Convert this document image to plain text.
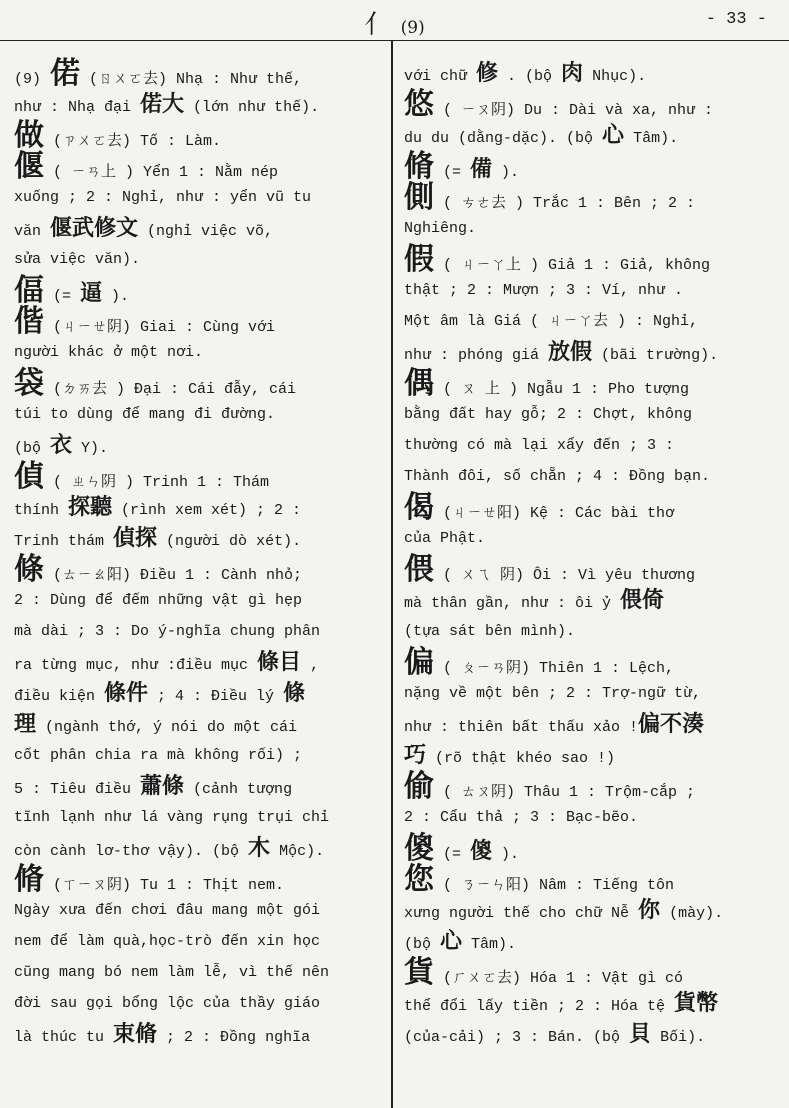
亻 (9)	- 33 -
(9) 偌 (ㄖㄨㄛ去) Nhạ : Như thế,
như : Nhạ đại 偌大 (lớn như thế).
做 (ㄗㄨㄛ去) Tố : Làm.
偃 ( ㄧㄢ上 ) Yển 1 : Nằm nép
xuống ; 2 : Nghỉ, như : yển vũ tu
văn 偃武修文 (nghỉ việc võ,
sửa việc văn).
偪 (= 逼 ).
偕 (ㄐㄧㄝ阴) Giai : Cùng với
người khác ở một nơi.
袋 (ㄉㄞ去 ) Đại : Cái đẫy, cái
túi to dùng để mang đi đường.
(bộ 衣 Y).
偵 ( ㄓㄣ阴 ) Trinh 1 : Thám
thính 探聽 (rình xem xét) ; 2 :
Trinh thám 偵探 (người dò xét).
條 (ㄊㄧㄠ阳) Điều 1 : Cành nhỏ;
2 : Dùng để đếm những vật gì hẹp
mà dài ; 3 : Do ý-nghĩa chung phân
ra từng mục, như :điều mục 條目 ,
điều kiện 條件 ; 4 : Điều lý 條
理 (ngành thớ, ý nói do một cái
cốt phân chia ra mà không rối) ;
5 : Tiêu điều 蕭條 (cảnh tượng
tĩnh lạnh như lá vàng rụng trụi chỉ
còn cành lơ-thơ vậy). (bộ 木 Mộc).
脩 (ㄒㄧㄡ阴) Tu 1 : Thịt nem.
Ngày xưa đến chơi đâu mang một gói
nem để làm quà,học-trò đến xin học
cũng mang bó nem làm lễ, vì thế nên
đời sau gọi bổng lộc của thầy giáo
là thúc tu 束脩 ; 2 : Đồng nghĩa
với chữ 修 . (bộ 肉 Nhục).
悠 ( ㄧㄡ阴) Du : Dài và xa, như :
du du (dằng-dặc). (bộ 心 Tâm).
脩 (= 備 ).
側 ( ㄘㄜ去 ) Trắc 1 : Bên ; 2 :
Nghiêng.
假 ( ㄐㄧㄚ上 ) Giả 1 : Giả, không
thật ; 2 : Mượn ; 3 : Ví, như .
Một âm là Giá ( ㄐㄧㄚ去 ) : Nghỉ,
như : phóng giá 放假 (bãi trường).
偶 ( ㄡ 上 ) Ngẫu 1 : Pho tượng
bằng đất hay gỗ; 2 : Chợt, không
thường có mà lại xẩy đến ; 3 :
Thành đôi, số chẵn ; 4 : Đồng bạn.
偈 (ㄐㄧㄝ阳) Kệ : Các bài thơ
của Phật.
偎 ( ㄨㄟ 阴) Ôi : Vì yêu thương
mà thân gần, như : ôi ỷ 偎倚
(tựa sát bên mình).
偏 ( ㄆㄧㄢ阴) Thiên 1 : Lệch,
nặng về một bên ; 2 : Trợ-ngữ từ,
như : thiên bất thấu xảo !偏不湊
巧 (rõ thật khéo sao !)
偷 ( ㄊㄡ阴) Thâu 1 : Trộm-cắp ;
2 : Cẩu thả ; 3 : Bạc-bẽo.
傻 (= 傻 ).
您 ( ㄋㄧㄣ阳) Nâm : Tiếng tôn
xưng người thế cho chữ Nễ 你 (mày).
(bộ 心 Tâm).
貨 (ㄏㄨㄛ去) Hóa 1 : Vật gì có
thể đổi lấy tiền ; 2 : Hóa tệ 貨幣
(của-cải) ; 3 : Bán. (bộ 貝 Bối).
